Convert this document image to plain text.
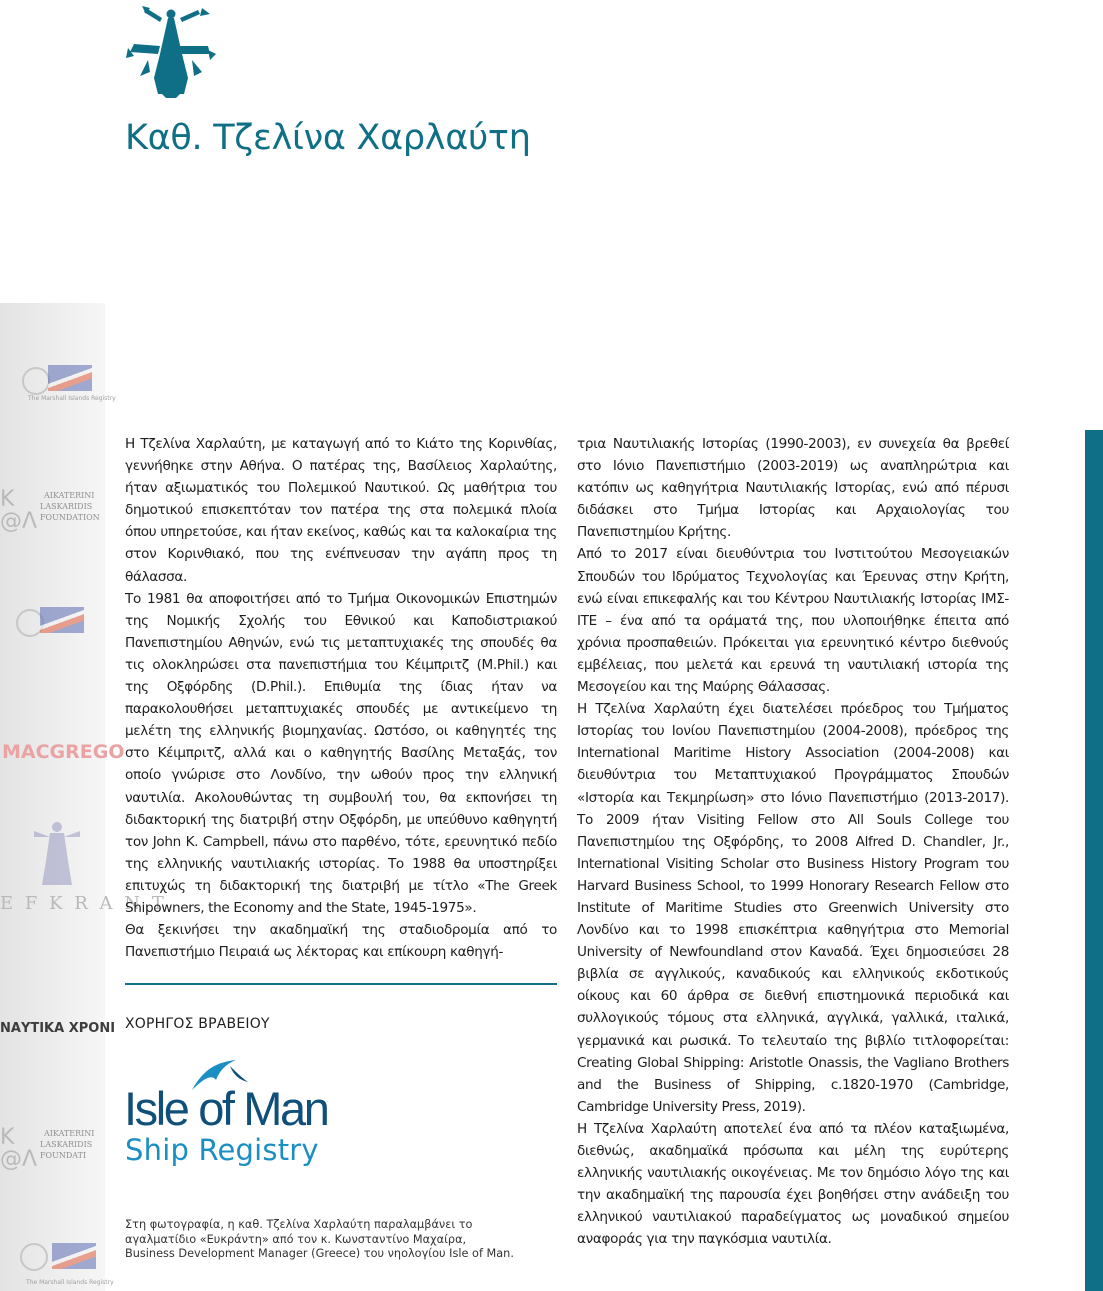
Καθ. Τζελίνα Χαρλαύτη
The Marshall Islands Registry
Κ
@Λ
AIKATERINI
LASKARIDIS
FOUNDATION
MACGREGO
E F K R A N T
ΝΑΥΤΙΚΑ ΧΡΟΝΙ
Κ
@Λ
AIKATERINI
LASKARIDIS
FOUNDATI
The Marshall Islands Registry

Η Τζελίνα Χαρλαύτη, με καταγωγή από το Κιάτο της Κορινθίας, γεννήθηκε στην Αθήνα. Ο πατέρας της, Βασίλειος Χαρλαύτης, ήταν αξιωματικός του Πολεμικού Ναυτικού. Ως μαθήτρια του δημοτικού επισκεπτόταν τον πατέρα της στα πολεμικά πλοία όπου υπηρετούσε, και ήταν εκείνος, καθώς και τα καλοκαίρια της στον Κορινθιακό, που της ενέπνευσαν την αγάπη προς τη θάλασσα.

Το 1981 θα αποφοιτήσει από το Τμήμα Οικονομικών Επιστημών της Νομικής Σχολής του Εθνικού και Καποδιστριακού Πανεπιστημίου Αθηνών, ενώ τις μεταπτυχιακές της σπουδές θα τις ολοκληρώσει στα πανεπιστήμια του Κέιμπριτζ (M.Phil.) και της Οξφόρδης (D.Phil.). Επιθυμία της ίδιας ήταν να παρακολουθήσει μεταπτυχιακές σπουδές με αντικείμενο τη μελέτη της ελληνικής βιομηχανίας. Ωστόσο, οι καθηγητές της στο Κέιμπριτζ, αλλά και ο καθηγητής Βασίλης Μεταξάς, τον οποίο γνώρισε στο Λονδίνο, την ωθούν προς την ελληνική ναυτιλία. Ακολουθώντας τη συμβουλή του, θα εκπονήσει τη διδακτορική της διατριβή στην Οξφόρδη, με υπεύθυνο καθηγητή τον John K. Campbell, πάνω στο παρθένο, τότε, ερευνητικό πεδίο της ελληνικής ναυτιλιακής ιστορίας. Το 1988 θα υποστηρίξει επιτυχώς τη διδακτορική της διατριβή με τίτλο «The Greek Shipowners, the Economy and the State, 1945-1975».

Θα ξεκινήσει την ακαδημαϊκή της σταδιοδρομία από το Πανεπιστήμιο Πειραιά ως λέκτορας και επίκουρη καθηγή-

τρια Ναυτιλιακής Ιστορίας (1990-2003), εν συνεχεία θα βρεθεί στο Ιόνιο Πανεπιστήμιο (2003-2019) ως αναπληρώτρια και κατόπιν ως καθηγήτρια Ναυτιλιακής Ιστορίας, ενώ από πέρυσι διδάσκει στο Τμήμα Ιστορίας και Αρχαιολογίας του Πανεπιστημίου Κρήτης.

Από το 2017 είναι διευθύντρια του Ινστιτούτου Μεσογειακών Σπουδών του Ιδρύματος Τεχνολογίας και Έρευνας στην Κρήτη, ενώ είναι επικεφαλής και του Κέντρου Ναυτιλιακής Ιστορίας ΙΜΣ-ΙΤΕ – ένα από τα οράματά της, που υλοποιήθηκε έπειτα από χρόνια προσπαθειών. Πρόκειται για ερευνητικό κέντρο διεθνούς εμβέλειας, που μελετά και ερευνά τη ναυτιλιακή ιστορία της Μεσογείου και της Μαύρης Θάλασσας.

Η Τζελίνα Χαρλαύτη έχει διατελέσει πρόεδρος του Τμήματος Ιστορίας του Ιονίου Πανεπιστημίου (2004-2008), πρόεδρος της International Maritime History Association (2004-2008) και διευθύντρια του Μεταπτυχιακού Προγράμματος Σπουδών «Ιστορία και Τεκμηρίωση» στο Ιόνιο Πανεπιστήμιο (2013-2017). Το 2009 ήταν Visiting Fellow στο All Souls College του Πανεπιστημίου της Οξφόρδης, το 2008 Alfred D. Chandler, Jr., International Visiting Scholar στο Business History Program του Harvard Business School, το 1999 Honorary Research Fellow στο Institute of Maritime Studies στο Greenwich University στο Λονδίνο και το 1998 επισκέπτρια καθηγήτρια στο Memorial University of Newfoundland στον Καναδά. Έχει δημοσιεύσει 28 βιβλία σε αγγλικούς, καναδικούς και ελληνικούς εκδοτικούς οίκους και 60 άρθρα σε διεθνή επιστημονικά περιοδικά και συλλογικούς τόμους στα ελληνικά, αγγλικά, γαλλικά, ιταλικά, γερμανικά και ρωσικά. Το τελευταίο της βιβλίο τιτλοφορείται: Creating Global Shipping: Aristotle Onassis, the Vagliano Brothers and the Business of Shipping, c.1820-1970 (Cambridge, Cambridge University Press, 2019).

Η Τζελίνα Χαρλαύτη αποτελεί ένα από τα πλέον καταξιωμένα, διεθνώς, ακαδημαϊκά πρόσωπα και μέλη της ευρύτερης ελληνικής ναυτιλιακής οικογένειας. Με τον δημόσιο λόγο της και την ακαδημαϊκή της παρουσία έχει βοηθήσει στην ανάδειξη του ελληνικού ναυτιλιακού παραδείγματος ως μοναδικού σημείου αναφοράς για την παγκόσμια ναυτιλία.

ΧΟΡΗΓΟΣ ΒΡΑΒΕΙΟΥ
Isle of Man
Ship Registry
Στη φωτογραφία, η καθ. Τζελίνα Χαρλαύτη παραλαμβάνει το
αγαλματίδιο «Ευκράντη» από τον κ. Κωνσταντίνο Μαχαίρα,
Business Development Manager (Greece) του νηολογίου Isle of Man.
